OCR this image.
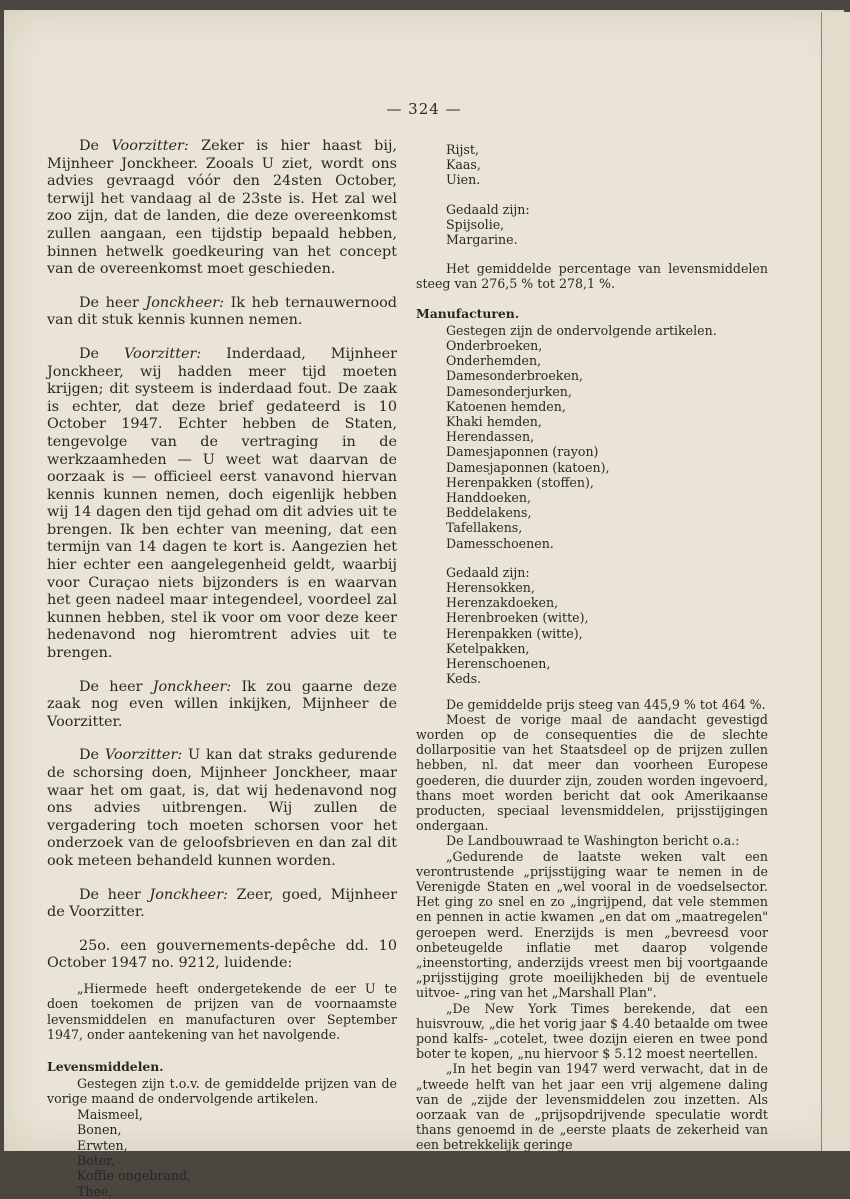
— 324 —

De Voorzitter: Zeker is hier haast bij, Mijnheer Jonckheer. Zooals U ziet, wordt ons advies gevraagd vóór den 24sten October, terwijl het vandaag al de 23ste is. Het zal wel zoo zijn, dat de landen, die deze overeenkomst zullen aangaan, een tijdstip bepaald hebben, binnen hetwelk goedkeuring van het concept van de overeenkomst moet geschieden.

De heer Jonckheer: Ik heb ternauwernood van dit stuk kennis kunnen nemen.

De Voorzitter: Inderdaad, Mijnheer Jonckheer, wij hadden meer tijd moeten krijgen; dit systeem is inderdaad fout. De zaak is echter, dat deze brief gedateerd is 10 October 1947. Echter hebben de Staten, tengevolge van de vertraging in de werkzaamheden — U weet wat daarvan de oorzaak is — officieel eerst vanavond hiervan kennis kunnen nemen, doch eigenlijk hebben wij 14 dagen den tijd gehad om dit advies uit te brengen. Ik ben echter van meening, dat een termijn van 14 dagen te kort is. Aangezien het hier echter een aangelegenheid geldt, waarbij voor Curaçao niets bijzonders is en waarvan het geen nadeel maar integendeel, voordeel zal kunnen hebben, stel ik voor om voor deze keer hedenavond nog hieromtrent advies uit te brengen.

De heer Jonckheer: Ik zou gaarne deze zaak nog even willen inkijken, Mijnheer de Voorzitter.

De Voorzitter: U kan dat straks gedurende de schorsing doen, Mijnheer Jonckheer, maar waar het om gaat, is, dat wij hedenavond nog ons advies uitbrengen. Wij zullen de vergadering toch moeten schorsen voor het onderzoek van de geloofsbrieven en dan zal dit ook meteen behandeld kunnen worden.

De heer Jonckheer: Zeer, goed, Mijnheer de Voorzitter.

25o. een gouvernements-depêche dd. 10 October 1947 no. 9212, luidende:

„Hiermede heeft ondergetekende de eer U te doen toekomen de prijzen van de voornaamste levensmiddelen en manufacturen over September 1947, onder aantekening van het navolgende.

Levensmiddelen.

Gestegen zijn t.o.v. de gemiddelde prijzen van de vorige maand de ondervolgende artikelen.

Maismeel,
Bonen,
Erwten,
Boter,
Koffie ongebrand,
Thee,
Rijst,
Kaas,
Uien.
Gedaald zijn:
Spijsolie,
Margarine.

Het gemiddelde percentage van levensmiddelen steeg van 276,5 % tot 278,1 %.

Manufacturen.
Gestegen zijn de ondervolgende artikelen.
Onderbroeken,
Onderhemden,
Damesonderbroeken,
Damesonderjurken,
Katoenen hemden,
Khaki hemden,
Herendassen,
Damesjaponnen (rayon)
Damesjaponnen (katoen),
Herenpakken (stoffen),
Handdoeken,
Beddelakens,
Tafellakens,
Damesschoenen.
Gedaald zijn:
Herensokken,
Herenzakdoeken,
Herenbroeken (witte),
Herenpakken (witte),
Ketelpakken,
Herenschoenen,
Keds.

De gemiddelde prijs steeg van 445,9 % tot 464 %.

Moest de vorige maal de aandacht gevestigd worden op de consequenties die de slechte dollarpositie van het Staatsdeel op de prijzen zullen hebben, nl. dat meer dan voorheen Europese goederen, die duurder zijn, zouden worden ingevoerd, thans moet worden bericht dat ook Amerikaanse producten, speciaal levensmiddelen, prijsstijgingen ondergaan.

De Landbouwraad te Washington bericht o.a.:

„Gedurende de laatste weken valt een verontrustende „prijsstijging waar te nemen in de Verenigde Staten en „wel vooral in de voedselsector. Het ging zo snel en zo „ingrijpend, dat vele stemmen en pennen in actie kwamen „en dat om „maatregelen" geroepen werd. Enerzijds is men „bevreesd voor onbeteugelde inflatie met daarop volgende „ineenstorting, anderzijds vreest men bij voortgaande „prijsstijging grote moeilijkheden bij de eventuele uitvoe- „ring van het „Marshall Plan".

„De New York Times berekende, dat een huisvrouw, „die het vorig jaar $ 4.40 betaalde om twee pond kalfs- „cotelet, twee dozijn eieren en twee pond boter te kopen, „nu hiervoor $ 5.12 moest neertellen.

„In het begin van 1947 werd verwacht, dat in de „tweede helft van het jaar een vrij algemene daling van de „zijde der levensmiddelen zou inzetten. Als oorzaak van de „prijsopdrijvende speculatie wordt thans genoemd in de „eerste plaats de zekerheid van een betrekkelijk geringe
